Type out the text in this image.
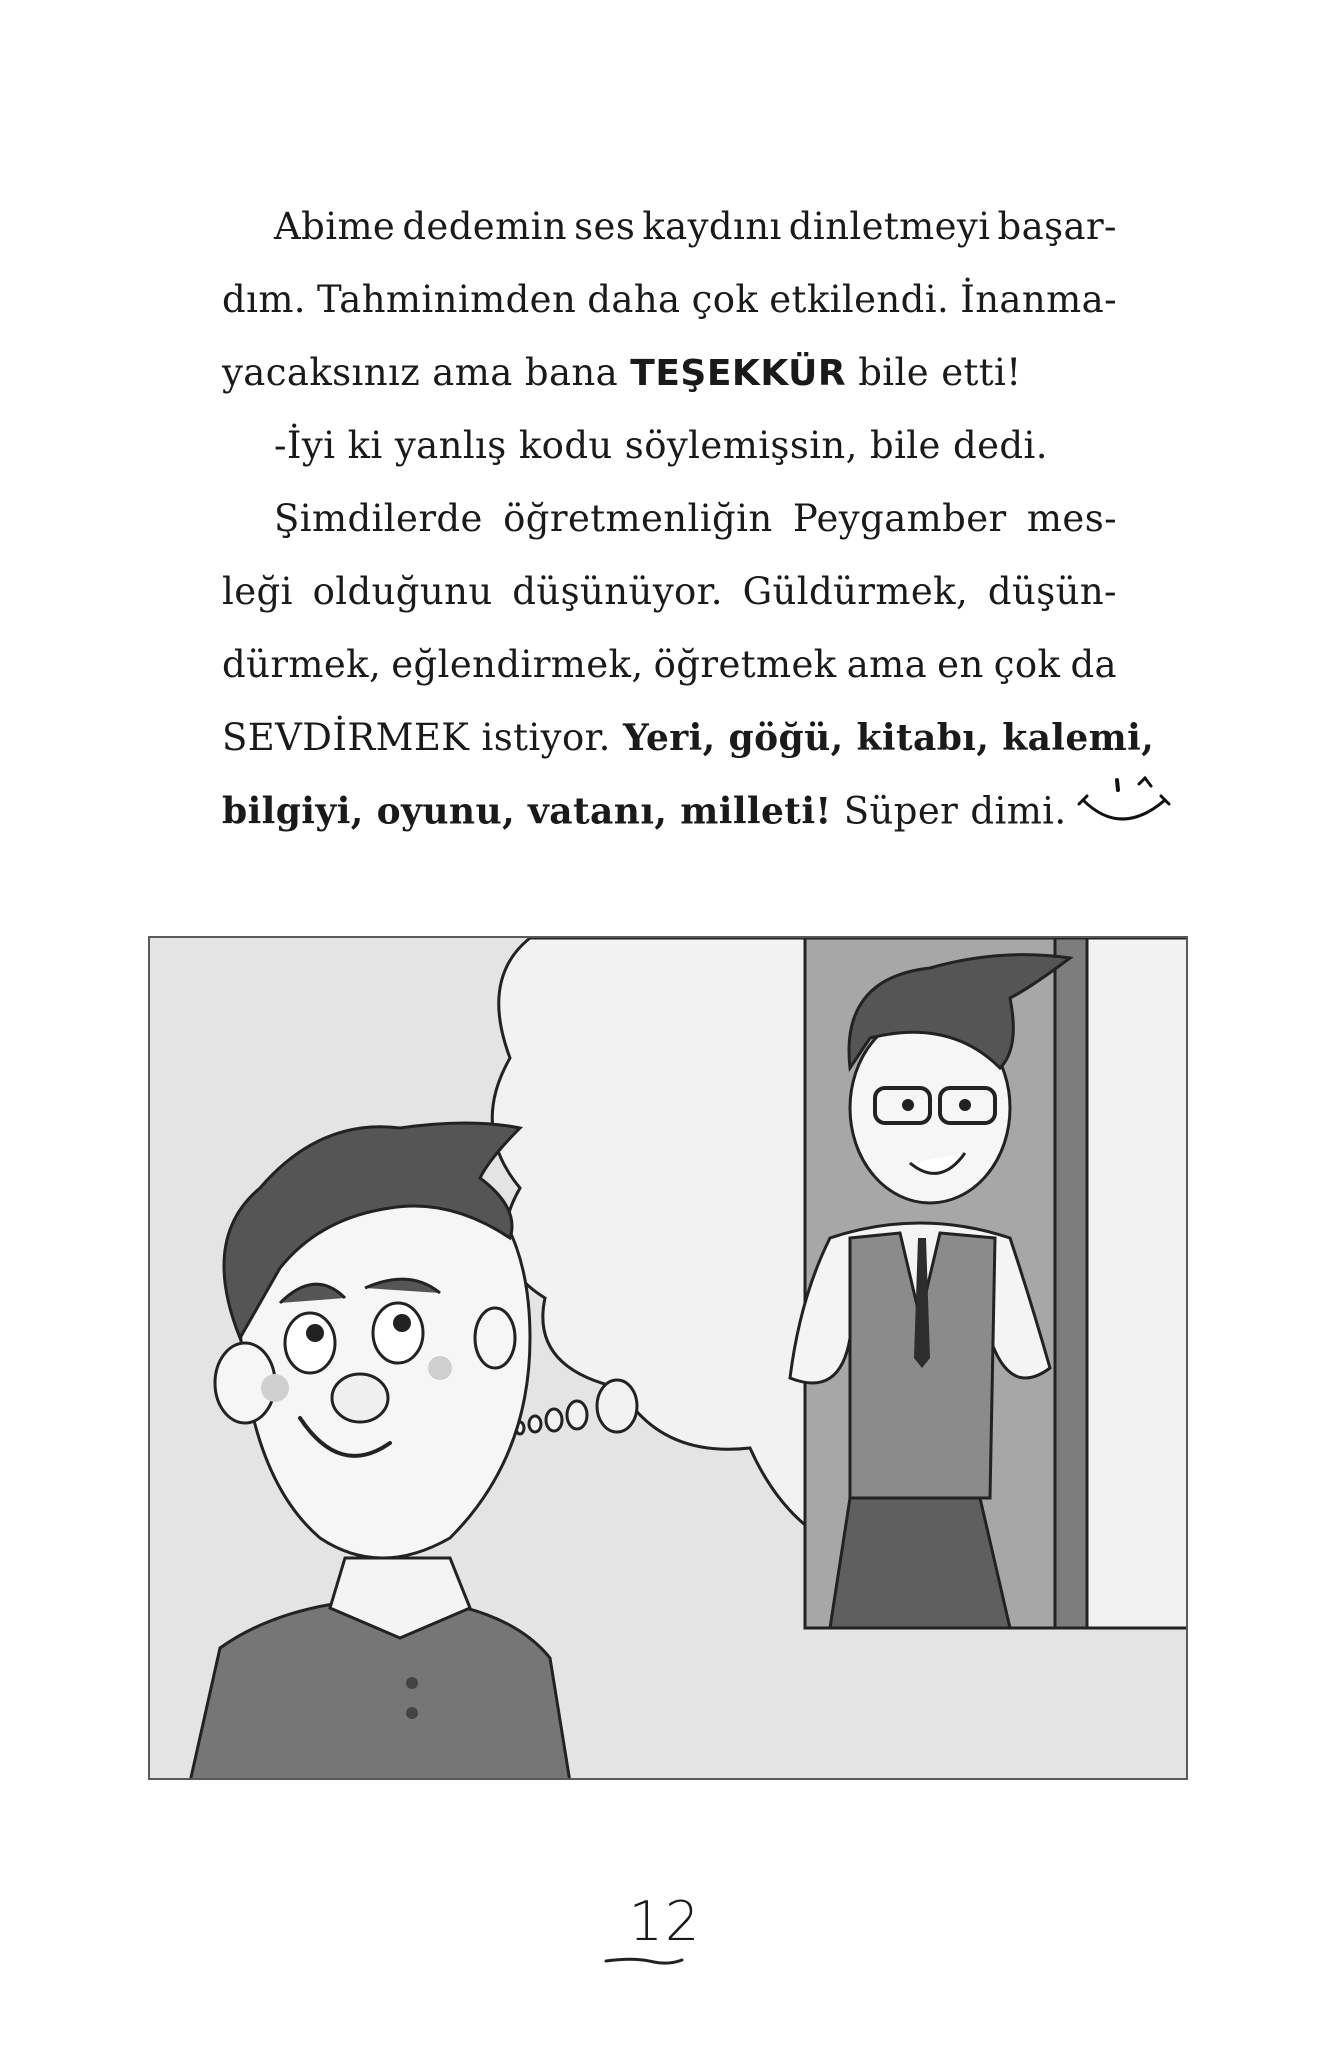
Abime dedemin ses kaydını dinletmeyi başar-
dım. Tahminimden daha çok etkilendi. İnanma-
yacaksınız ama bana TEŞEKKÜR bile etti!
-İyi ki yanlış kodu söylemişsin, bile dedi.
Şimdilerde öğretmenliğin Peygamber mes-
leği olduğunu düşünüyor. Güldürmek, düşün-
dürmek, eğlendirmek, öğretmek ama en çok da
SEVDİRMEK istiyor. Yeri, göğü, kitabı, kalemi,
bilgiyi, oyunu, vatanı, milleti! Süper dimi.
12
